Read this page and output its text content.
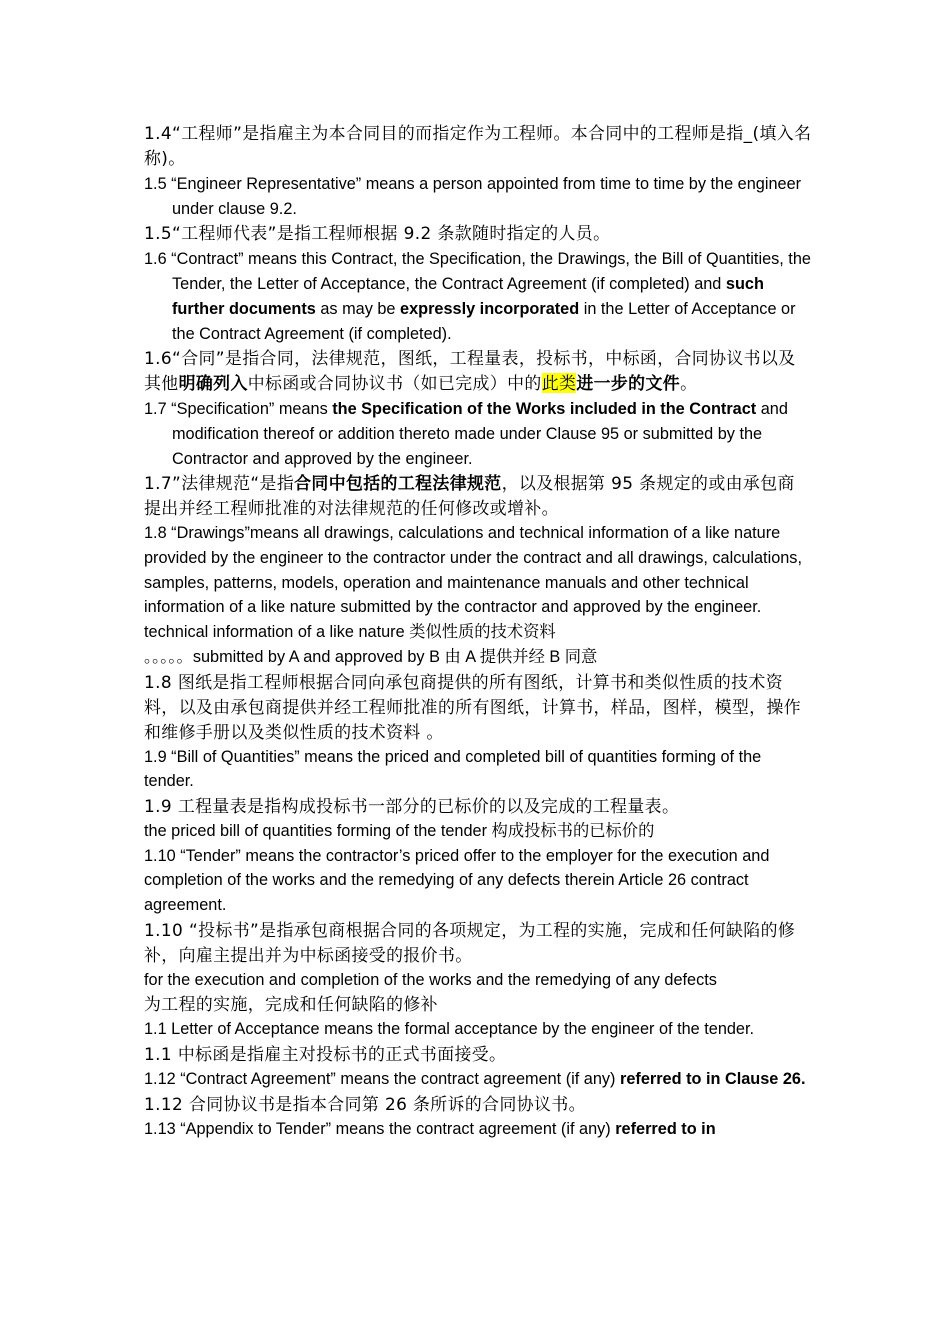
1.4“工程师”是指雇主为本合同目的而指定作为工程师。本合同中的工程师是指_(填入名称)。

1.5 “Engineer Representative” means a person appointed from time to time by the engineer under clause 9.2.

1.5“工程师代表”是指工程师根据 9.2 条款随时指定的人员。

1.6 “Contract” means this Contract, the Specification, the Drawings, the Bill of Quantities, the Tender, the Letter of Acceptance, the Contract Agreement (if completed) and such further documents as may be expressly incorporated in the Letter of Acceptance or the Contract Agreement (if completed).

1.6“合同”是指合同，法律规范，图纸，工程量表，投标书，中标函，合同协议书以及其他明确列入中标函或合同协议书（如已完成）中的此类进一步的文件。

1.7 “Specification” means the Specification of the Works included in the Contract and modification thereof or addition thereto made under Clause 95 or submitted by the Contractor and approved by the engineer.

1.7”法律规范“是指合同中包括的工程法律规范，以及根据第 95 条规定的或由承包商提出并经工程师批准的对法律规范的任何修改或增补。

1.8 “Drawings”means all drawings, calculations and technical information of a like nature provided by the engineer to the contractor under the contract and all drawings, calculations, samples, patterns, models, operation and maintenance manuals and other technical information of a like nature submitted by the contractor and approved by the engineer.

technical information of a like nature 类似性质的技术资料

。。。。。submitted by A and approved by B 由 A 提供并经 B 同意

1.8 图纸是指工程师根据合同向承包商提供的所有图纸，计算书和类似性质的技术资料，以及由承包商提供并经工程师批准的所有图纸，计算书，样品，图样，模型，操作和维修手册以及类似性质的技术资料 。

1.9 “Bill of Quantities” means the priced and completed bill of quantities forming of the tender.

1.9 工程量表是指构成投标书一部分的已标价的以及完成的工程量表。

the priced bill of quantities forming of the tender 构成投标书的已标价的

1.10 “Tender” means the contractor’s priced offer to the employer for the execution and completion of the works and the remedying of any defects therein Article 26 contract agreement.

1.10 “投标书”是指承包商根据合同的各项规定，为工程的实施，完成和任何缺陷的修补，向雇主提出并为中标函接受的报价书。

for the execution and completion of the works and the remedying of any defects

为工程的实施，完成和任何缺陷的修补

1.1 Letter of Acceptance means the formal acceptance by the engineer of the tender.

1.1 中标函是指雇主对投标书的正式书面接受。

1.12 “Contract Agreement” means the contract agreement (if any) referred to in Clause 26.

1.12 合同协议书是指本合同第 26 条所诉的合同协议书。

1.13 “Appendix to Tender” means the contract agreement (if any) referred to in
